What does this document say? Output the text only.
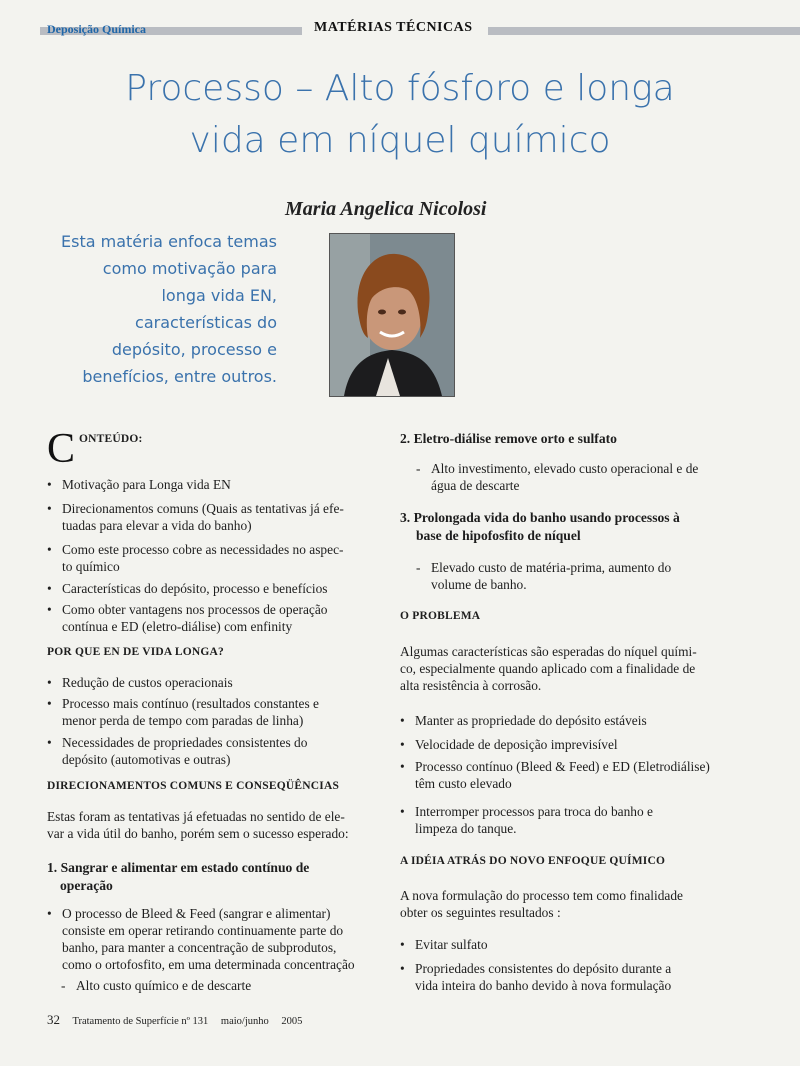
Deposição Química	MATÉRIAS TÉCNICAS
Processo – Alto fósforo e longa
vida em níquel químico
Maria Angelica Nicolosi
Esta matéria enfoca temas
como motivação para
longa vida EN,
características do
depósito, processo e
benefícios, entre outros.
C ONTEÚDO:
• Motivação para Longa vida EN
• Direcionamentos comuns (Quais as tentativas já efe-
tuadas para elevar a vida do banho)
• Como este processo cobre as necessidades no aspec-
to químico
• Características do depósito, processo e benefícios
• Como obter vantagens nos processos de operação
contínua e ED (eletro-diálise) com enfinity
POR QUE EN DE VIDA LONGA?
• Redução de custos operacionais
• Processo mais contínuo (resultados constantes e
menor perda de tempo com paradas de linha)
• Necessidades de propriedades consistentes do
depósito (automotivas e outras)
DIRECIONAMENTOS COMUNS E CONSEQÜÊNCIAS
Estas foram as tentativas já efetuadas no sentido de ele-
var a vida útil do banho, porém sem o sucesso esperado:
1. Sangrar e alimentar em estado contínuo de
operação
• O processo de Bleed & Feed (sangrar e alimentar)
consiste em operar retirando continuamente parte do
banho, para manter a concentração de subprodutos,
como o ortofosfito, em uma determinada concentração
- Alto custo químico e de descarte
2. Eletro-diálise remove orto e sulfato
- Alto investimento, elevado custo operacional e de
água de descarte
3. Prolongada vida do banho usando processos à
base de hipofosfito de níquel
- Elevado custo de matéria-prima, aumento do
volume de banho.
O PROBLEMA
Algumas características são esperadas do níquel quími-
co, especialmente quando aplicado com a finalidade de
alta resistência à corrosão.
• Manter as propriedade do depósito estáveis
• Velocidade de deposição imprevisível
• Processo contínuo (Bleed & Feed) e ED (Eletrodiálise)
têm custo elevado
• Interromper processos para troca do banho e
limpeza do tanque.
A IDÉIA ATRÁS DO NOVO ENFOQUE QUÍMICO
A nova formulação do processo tem como finalidade
obter os seguintes resultados :
• Evitar sulfato
• Propriedades consistentes do depósito durante a
vida inteira do banho devido à nova formulação
32 Tratamento de Superfície nº 131 maio/junho 2005
